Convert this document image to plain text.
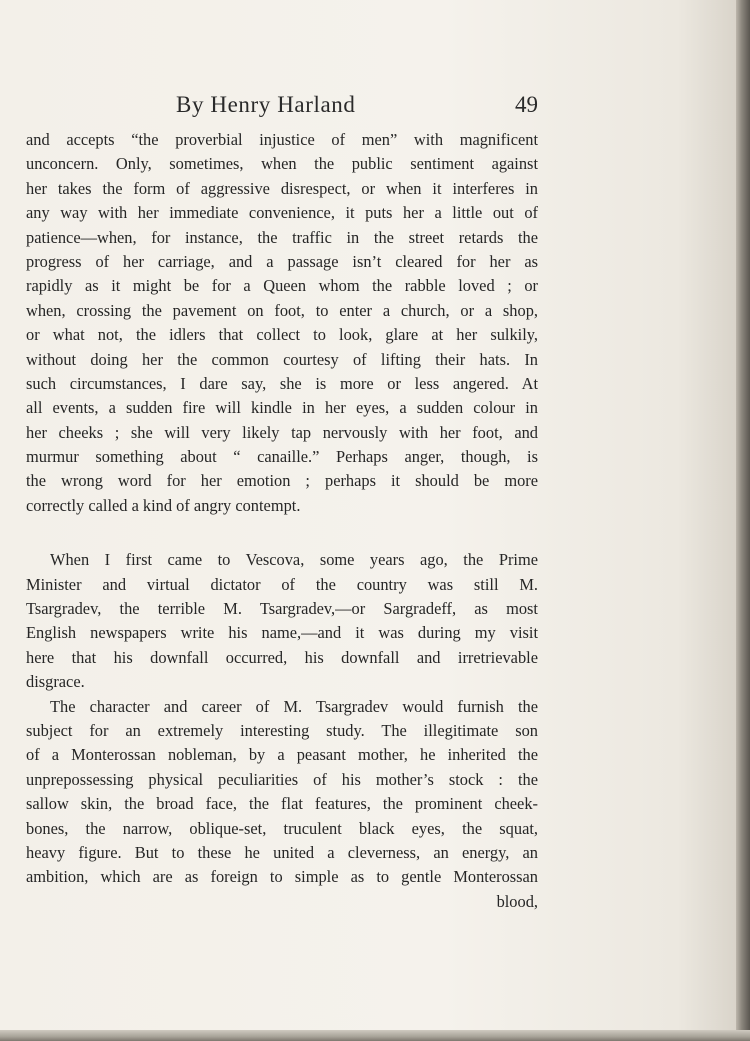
By Henry Harland	49
and accepts “the proverbial injustice of men” with magnificent
unconcern. Only, sometimes, when the public sentiment against
her takes the form of aggressive disrespect, or when it interferes in
any way with her immediate convenience, it puts her a little out of
patience—when, for instance, the traffic in the street retards the
progress of her carriage, and a passage isn’t cleared for her as
rapidly as it might be for a Queen whom the rabble loved ; or
when, crossing the pavement on foot, to enter a church, or a shop,
or what not, the idlers that collect to look, glare at her sulkily,
without doing her the common courtesy of lifting their hats. In
such circumstances, I dare say, she is more or less angered. At
all events, a sudden fire will kindle in her eyes, a sudden colour in
her cheeks ; she will very likely tap nervously with her foot, and
murmur something about “ canaille.” Perhaps anger, though, is
the wrong word for her emotion ; perhaps it should be more
correctly called a kind of angry contempt.
When I first came to Vescova, some years ago, the Prime
Minister and virtual dictator of the country was still M.
Tsargradev, the terrible M. Tsargradev,—or Sargradeff, as most
English newspapers write his name,—and it was during my visit
here that his downfall occurred, his downfall and irretrievable
disgrace.
The character and career of M. Tsargradev would furnish the
subject for an extremely interesting study. The illegitimate son
of a Monterossan nobleman, by a peasant mother, he inherited the
unprepossessing physical peculiarities of his mother’s stock : the
sallow skin, the broad face, the flat features, the prominent cheek-
bones, the narrow, oblique-set, truculent black eyes, the squat,
heavy figure. But to these he united a cleverness, an energy, an
ambition, which are as foreign to simple as to gentle Monterossan
blood,
